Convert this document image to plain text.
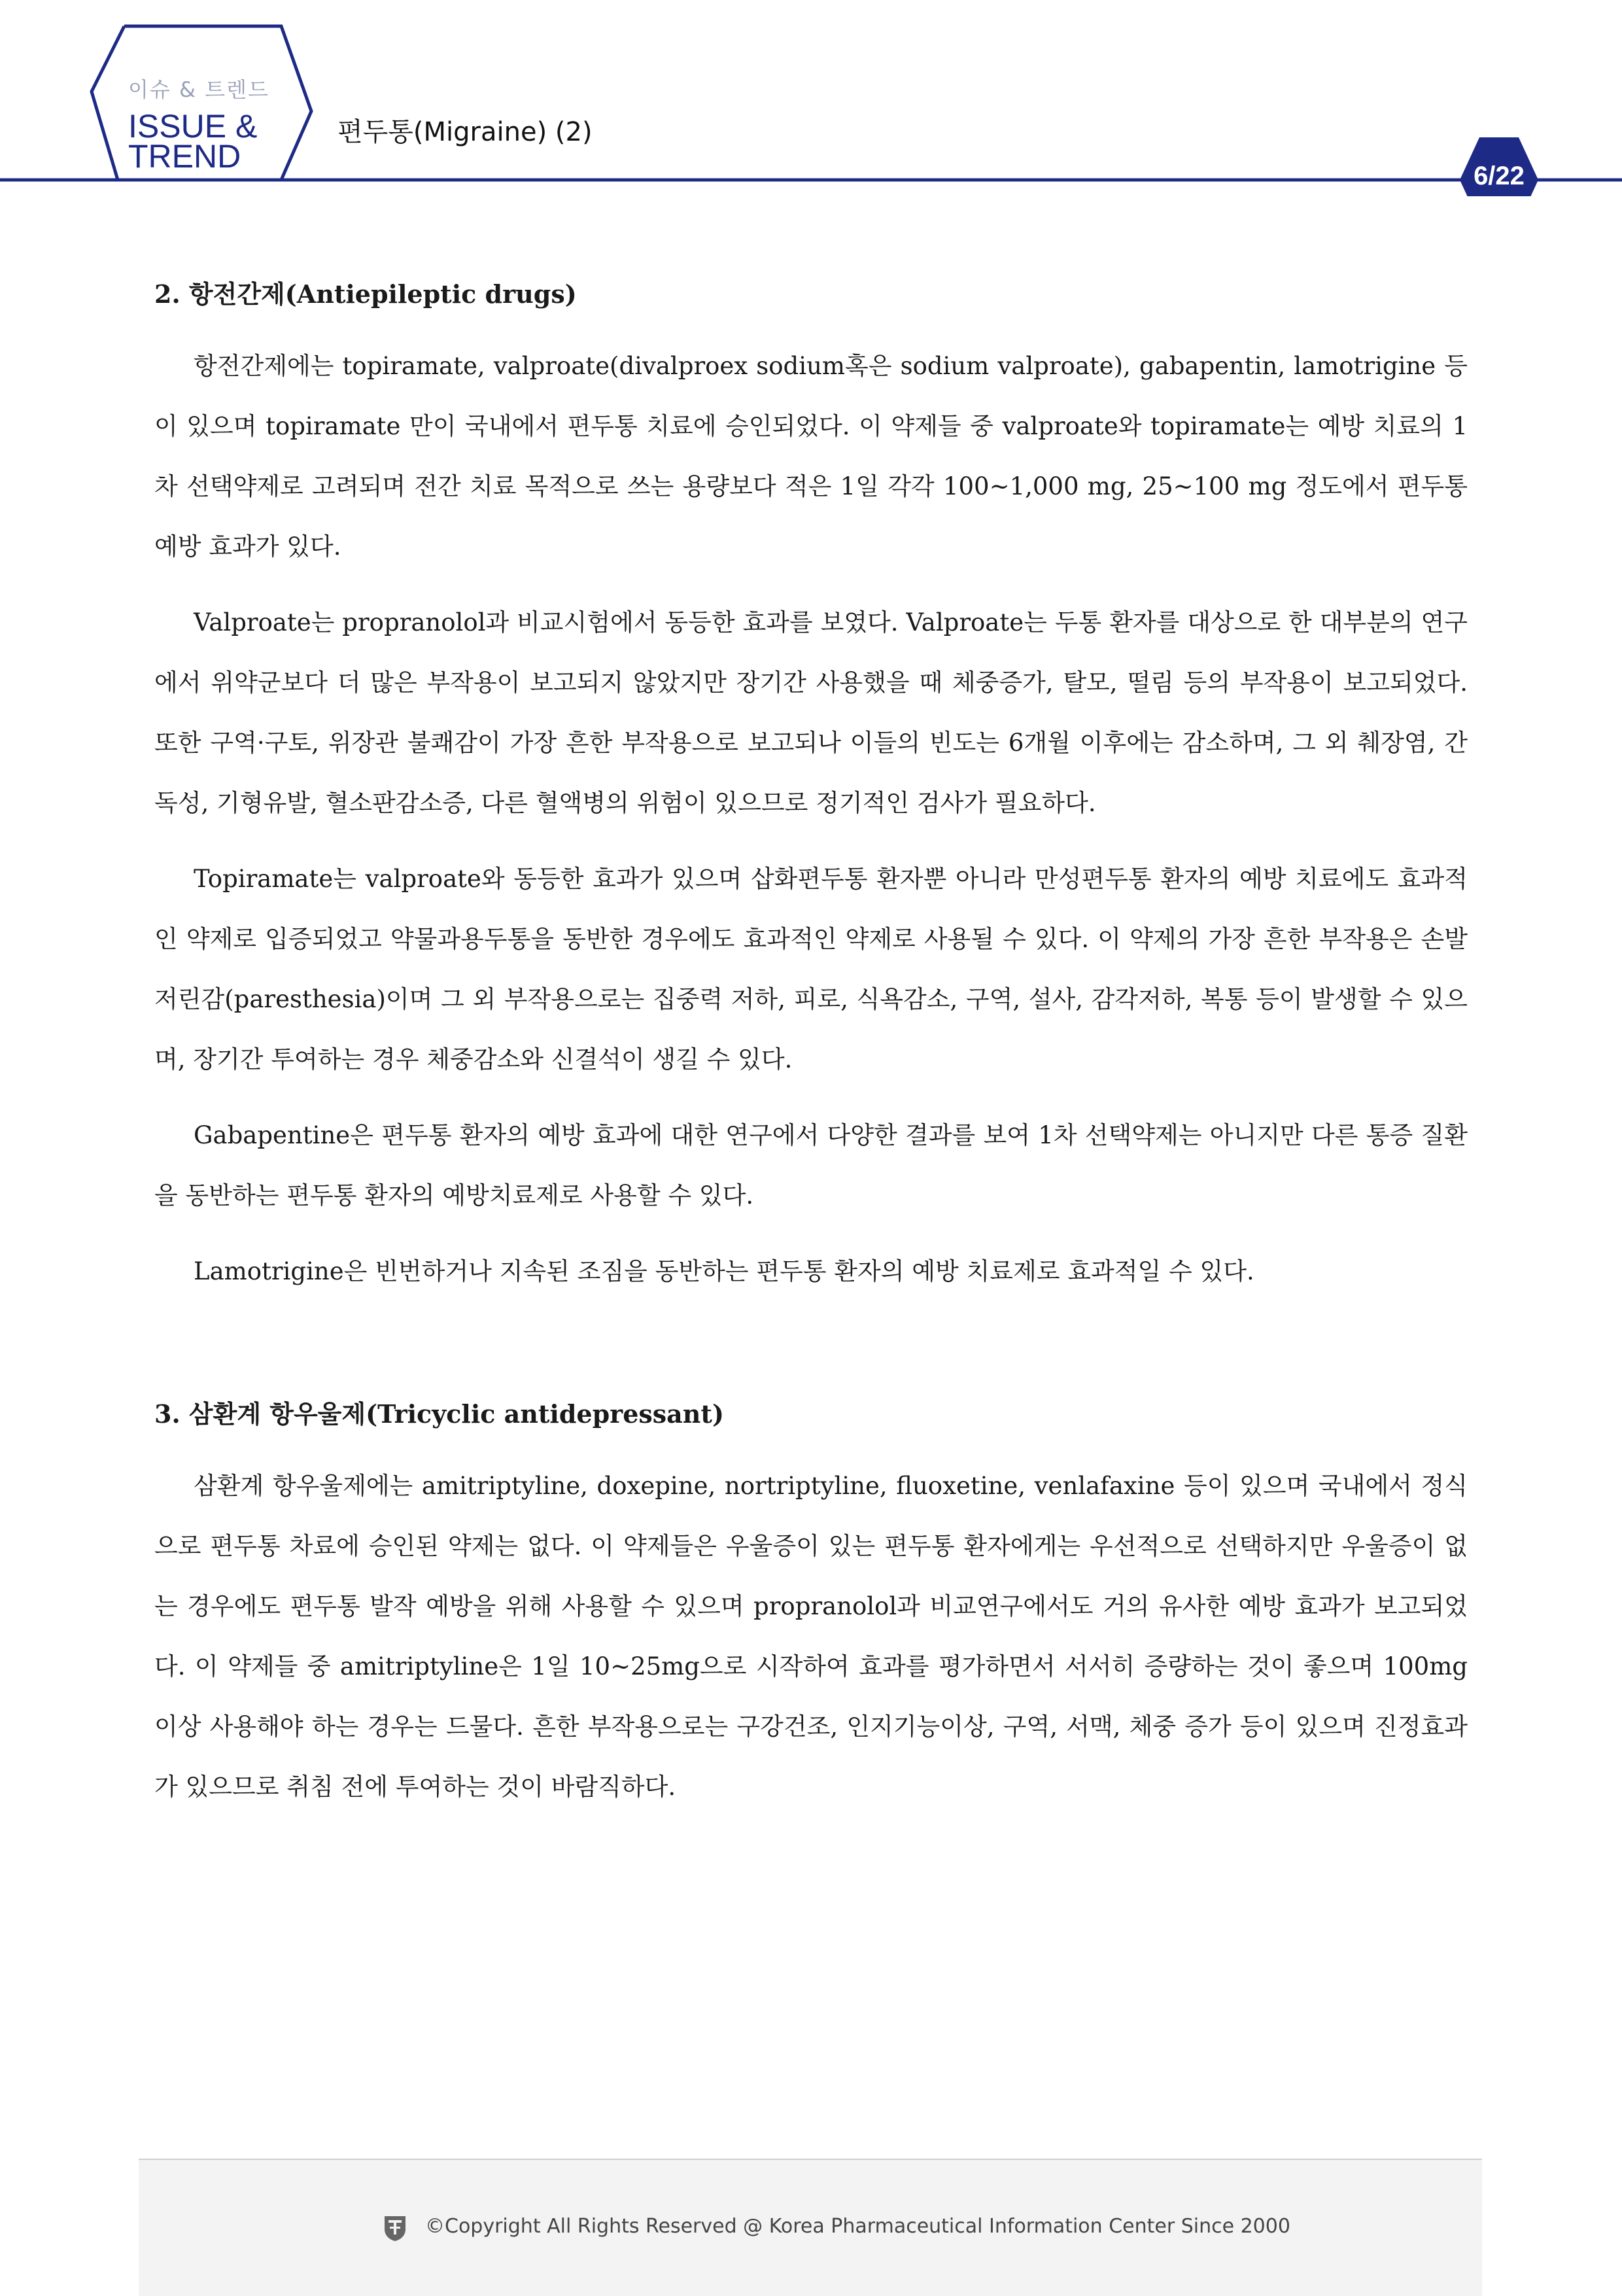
이슈 & 트렌드
ISSUE &
TREND
편두통(Migraine) (2)
6/22
2. 항전간제(Antiepileptic drugs)

항전간제에는 topiramate, valproate(divalproex sodium혹은 sodium valproate), gabapentin, lamotrigine 등이 있으며 topiramate 만이 국내에서 편두통 치료에 승인되었다. 이 약제들 중 valproate와 topiramate는 예방 치료의 1차 선택약제로 고려되며 전간 치료 목적으로 쓰는 용량보다 적은 1일 각각 100~1,000 mg, 25~100 mg 정도에서 편두통 예방 효과가 있다.

Valproate는 propranolol과 비교시험에서 동등한 효과를 보였다. Valproate는 두통 환자를 대상으로 한 대부분의 연구에서 위약군보다 더 많은 부작용이 보고되지 않았지만 장기간 사용했을 때 체중증가, 탈모, 떨림 등의 부작용이 보고되었다. 또한 구역·구토, 위장관 불쾌감이 가장 흔한 부작용으로 보고되나 이들의 빈도는 6개월 이후에는 감소하며, 그 외 췌장염, 간 독성, 기형유발, 혈소판감소증, 다른 혈액병의 위험이 있으므로 정기적인 검사가 필요하다.

Topiramate는 valproate와 동등한 효과가 있으며 삽화편두통 환자뿐 아니라 만성편두통 환자의 예방 치료에도 효과적인 약제로 입증되었고 약물과용두통을 동반한 경우에도 효과적인 약제로 사용될 수 있다. 이 약제의 가장 흔한 부작용은 손발저린감(paresthesia)이며 그 외 부작용으로는 집중력 저하, 피로, 식욕감소, 구역, 설사, 감각저하, 복통 등이 발생할 수 있으며, 장기간 투여하는 경우 체중감소와 신결석이 생길 수 있다.

Gabapentine은 편두통 환자의 예방 효과에 대한 연구에서 다양한 결과를 보여 1차 선택약제는 아니지만 다른 통증 질환을 동반하는 편두통 환자의 예방치료제로 사용할 수 있다.

Lamotrigine은 빈번하거나 지속된 조짐을 동반하는 편두통 환자의 예방 치료제로 효과적일 수 있다.

3. 삼환계 항우울제(Tricyclic antidepressant)

삼환계 항우울제에는 amitriptyline, doxepine, nortriptyline, fluoxetine, venlafaxine 등이 있으며 국내에서 정식으로 편두통 차료에 승인된 약제는 없다. 이 약제들은 우울증이 있는 편두통 환자에게는 우선적으로 선택하지만 우울증이 없는 경우에도 편두통 발작 예방을 위해 사용할 수 있으며 propranolol과 비교연구에서도 거의 유사한 예방 효과가 보고되었다. 이 약제들 중 amitriptyline은 1일 10~25mg으로 시작하여 효과를 평가하면서 서서히 증량하는 것이 좋으며 100mg 이상 사용해야 하는 경우는 드물다. 흔한 부작용으로는 구강건조, 인지기능이상, 구역, 서맥, 체중 증가 등이 있으며 진정효과가 있으므로 취침 전에 투여하는 것이 바람직하다.

©Copyright All Rights Reserved @ Korea Pharmaceutical Information Center Since 2000
